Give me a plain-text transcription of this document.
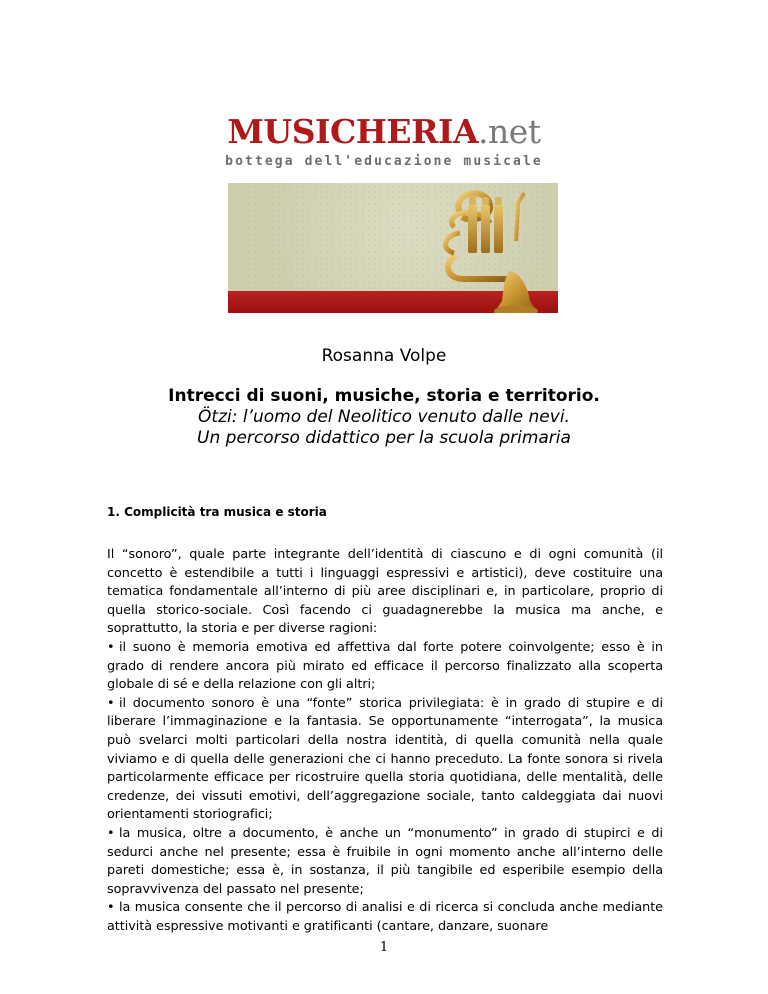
MUSICHERIA.net
bottega dell'educazione musicale
Rosanna Volpe
Intrecci di suoni, musiche, storia e territorio.
Ötzi: l’uomo del Neolitico venuto dalle nevi.
Un percorso didattico per la scuola primaria
1. Complicità tra musica e storia

Il “sonoro”, quale parte integrante dell’identità di ciascuno e di ogni comunità (il concetto è estendibile a tutti i linguaggi espressivi e artistici), deve costituire una tematica fondamentale all’interno di più aree disciplinari e, in particolare, proprio di quella storico-sociale. Così facendo ci guadagnerebbe la musica ma anche, e soprattutto, la storia e per diverse ragioni:

• il suono è memoria emotiva ed affettiva dal forte potere coinvolgente; esso è in grado di rendere ancora più mirato ed efficace il percorso finalizzato alla scoperta globale di sé e della relazione con gli altri;

• il documento sonoro è una “fonte” storica privilegiata: è in grado di stupire e di liberare l’immaginazione e la fantasia. Se opportunamente “interrogata”, la musica può svelarci molti particolari della nostra identità, di quella comunità nella quale viviamo e di quella delle generazioni che ci hanno preceduto. La fonte sonora si rivela particolarmente efficace per ricostruire quella storia quotidiana, delle mentalità, delle credenze, dei vissuti emotivi, dell’aggregazione sociale, tanto caldeggiata dai nuovi orientamenti storiografici;

• la musica, oltre a documento, è anche un “monumento” in grado di stupirci e di sedurci anche nel presente; essa è fruibile in ogni momento anche all’interno delle pareti domestiche; essa è, in sostanza, il più tangibile ed esperibile esempio della sopravvivenza del passato nel presente;

• la musica consente che il percorso di analisi e di ricerca si concluda anche mediante attività espressive motivanti e gratificanti (cantare, danzare, suonare

1
